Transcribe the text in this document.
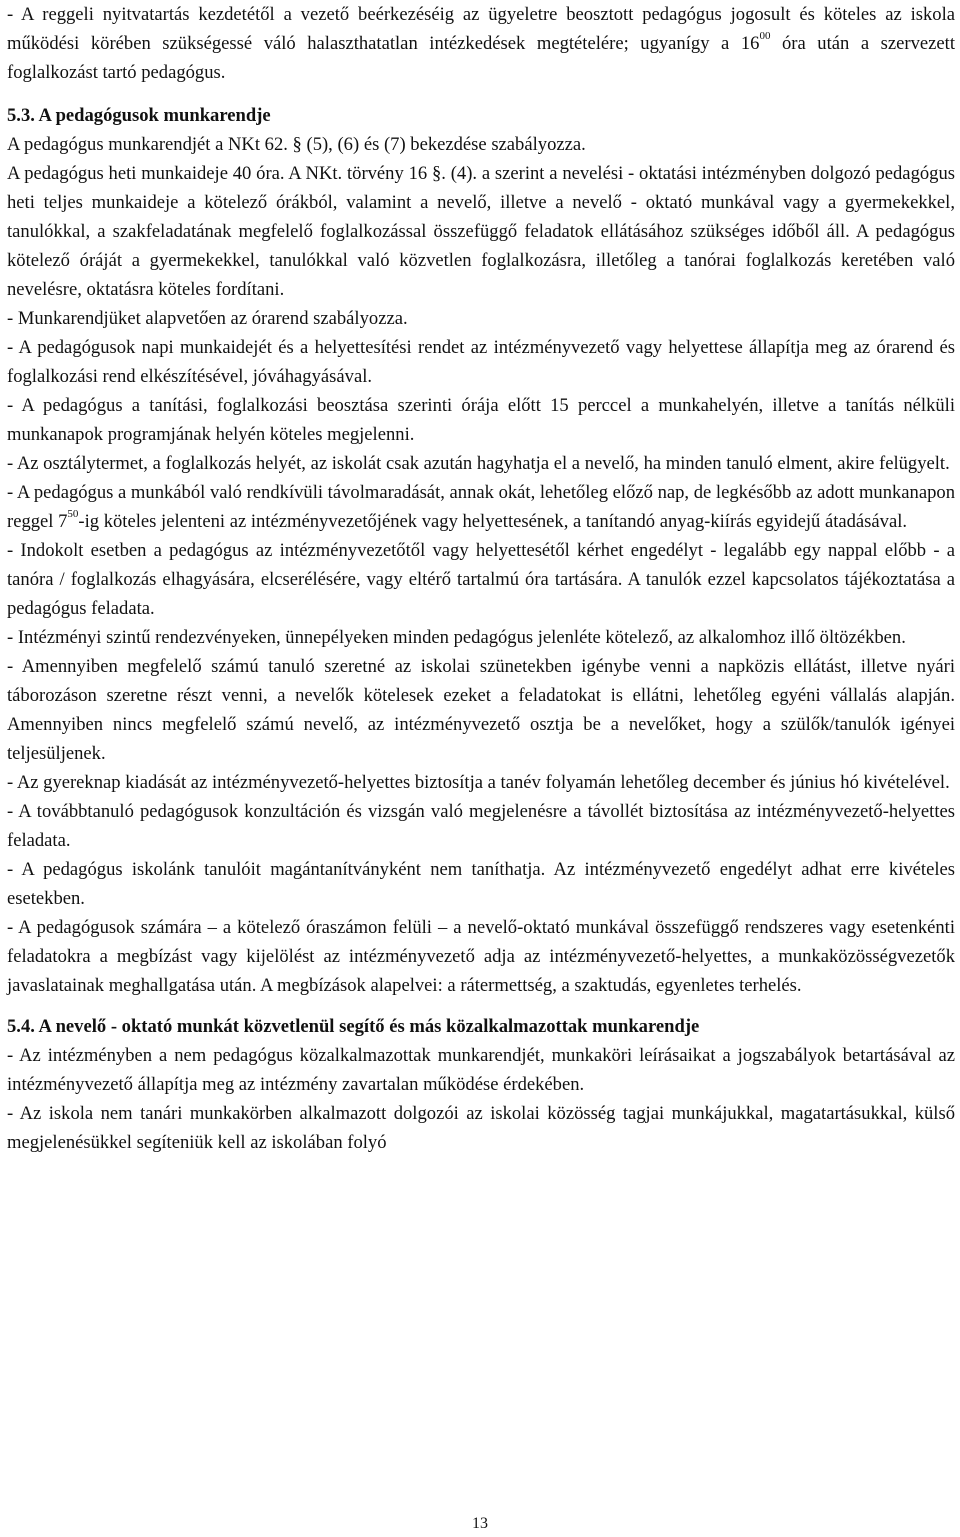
- A reggeli nyitvatartás kezdetétől a vezető beérkezéséig az ügyeletre beosztott pedagógus jogosult és köteles az iskola működési körében szükségessé váló halaszthatatlan intézkedések megtételére; ugyanígy a $16^{00}$ óra után a szervezett foglalkozást tartó pedagógus.

5.3. A pedagógusok munkarendje

A pedagógus munkarendjét a NKt 62. § (5), (6) és (7) bekezdése szabályozza.

A pedagógus heti munkaideje 40 óra. A NKt. törvény 16 §. (4). a szerint a nevelési - oktatási intézményben dolgozó pedagógus heti teljes munkaideje a kötelező órákból, valamint a nevelő, illetve a nevelő - oktató munkával vagy a gyermekekkel, tanulókkal, a szakfeladatának megfelelő foglalkozással összefüggő feladatok ellátásához szükséges időből áll. A pedagógus kötelező óráját a gyermekekkel, tanulókkal való közvetlen foglalkozásra, illetőleg a tanórai foglalkozás keretében való nevelésre, oktatásra köteles fordítani.

- Munkarendjüket alapvetően az órarend szabályozza.

- A pedagógusok napi munkaidejét és a helyettesítési rendet az intézményvezető vagy helyettese állapítja meg az órarend és foglalkozási rend elkészítésével, jóváhagyásával.

- A pedagógus a tanítási, foglalkozási beosztása szerinti órája előtt 15 perccel a munkahelyén, illetve a tanítás nélküli munkanapok programjának helyén köteles megjelenni.

- Az osztálytermet, a foglalkozás helyét, az iskolát csak azután hagyhatja el a nevelő, ha minden tanuló elment, akire felügyelt.

- A pedagógus a munkából való rendkívüli távolmaradását, annak okát, lehetőleg előző nap, de legkésőbb az adott munkanapon reggel $7^{50}-ig$ köteles jelenteni az intézményvezetőjének vagy helyettesének, a tanítandó anyag-kiírás egyidejű átadásával.

- Indokolt esetben a pedagógus az intézményvezetőtől vagy helyettesétől kérhet engedélyt - legalább egy nappal előbb - a tanóra / foglalkozás elhagyására, elcserélésére, vagy eltérő tartalmú óra tartására. A tanulók ezzel kapcsolatos tájékoztatása a pedagógus feladata.

- Intézményi szintű rendezvényeken, ünnepélyeken minden pedagógus jelenléte kötelező, az alkalomhoz illő öltözékben.

- Amennyiben megfelelő számú tanuló szeretné az iskolai szünetekben igénybe venni a napközis ellátást, illetve nyári táborozáson szeretne részt venni, a nevelők kötelesek ezeket a feladatokat is ellátni, lehetőleg egyéni vállalás alapján. Amennyiben nincs megfelelő számú nevelő, az intézményvezető osztja be a nevelőket, hogy a szülők/tanulók igényei teljesüljenek.

- Az gyereknap kiadását az intézményvezető-helyettes biztosítja a tanév folyamán lehetőleg december és június hó kivételével.

- A továbbtanuló pedagógusok konzultáción és vizsgán való megjelenésre a távollét biztosítása az intézményvezető-helyettes feladata.

- A pedagógus iskolánk tanulóit magántanítványként nem taníthatja. Az intézményvezető engedélyt adhat erre kivételes esetekben.

- A pedagógusok számára – a kötelező óraszámon felüli – a nevelő-oktató munkával összefüggő rendszeres vagy esetenkénti feladatokra a megbízást vagy kijelölést az intézményvezető adja az intézményvezető-helyettes, a munkaközösségvezetők javaslatainak meghallgatása után. A megbízások alapelvei: a rátermettség, a szaktudás, egyenletes terhelés.

5.4. A nevelő - oktató munkát közvetlenül segítő és más közalkalmazottak munkarendje

- Az intézményben a nem pedagógus közalkalmazottak munkarendjét, munkaköri leírásaikat a jogszabályok betartásával az intézményvezető állapítja meg az intézmény zavartalan működése érdekében.

- Az iskola nem tanári munkakörben alkalmazott dolgozói az iskolai közösség tagjai munkájukkal, magatartásukkal, külső megjelenésükkel segíteniük kell az iskolában folyó

13
